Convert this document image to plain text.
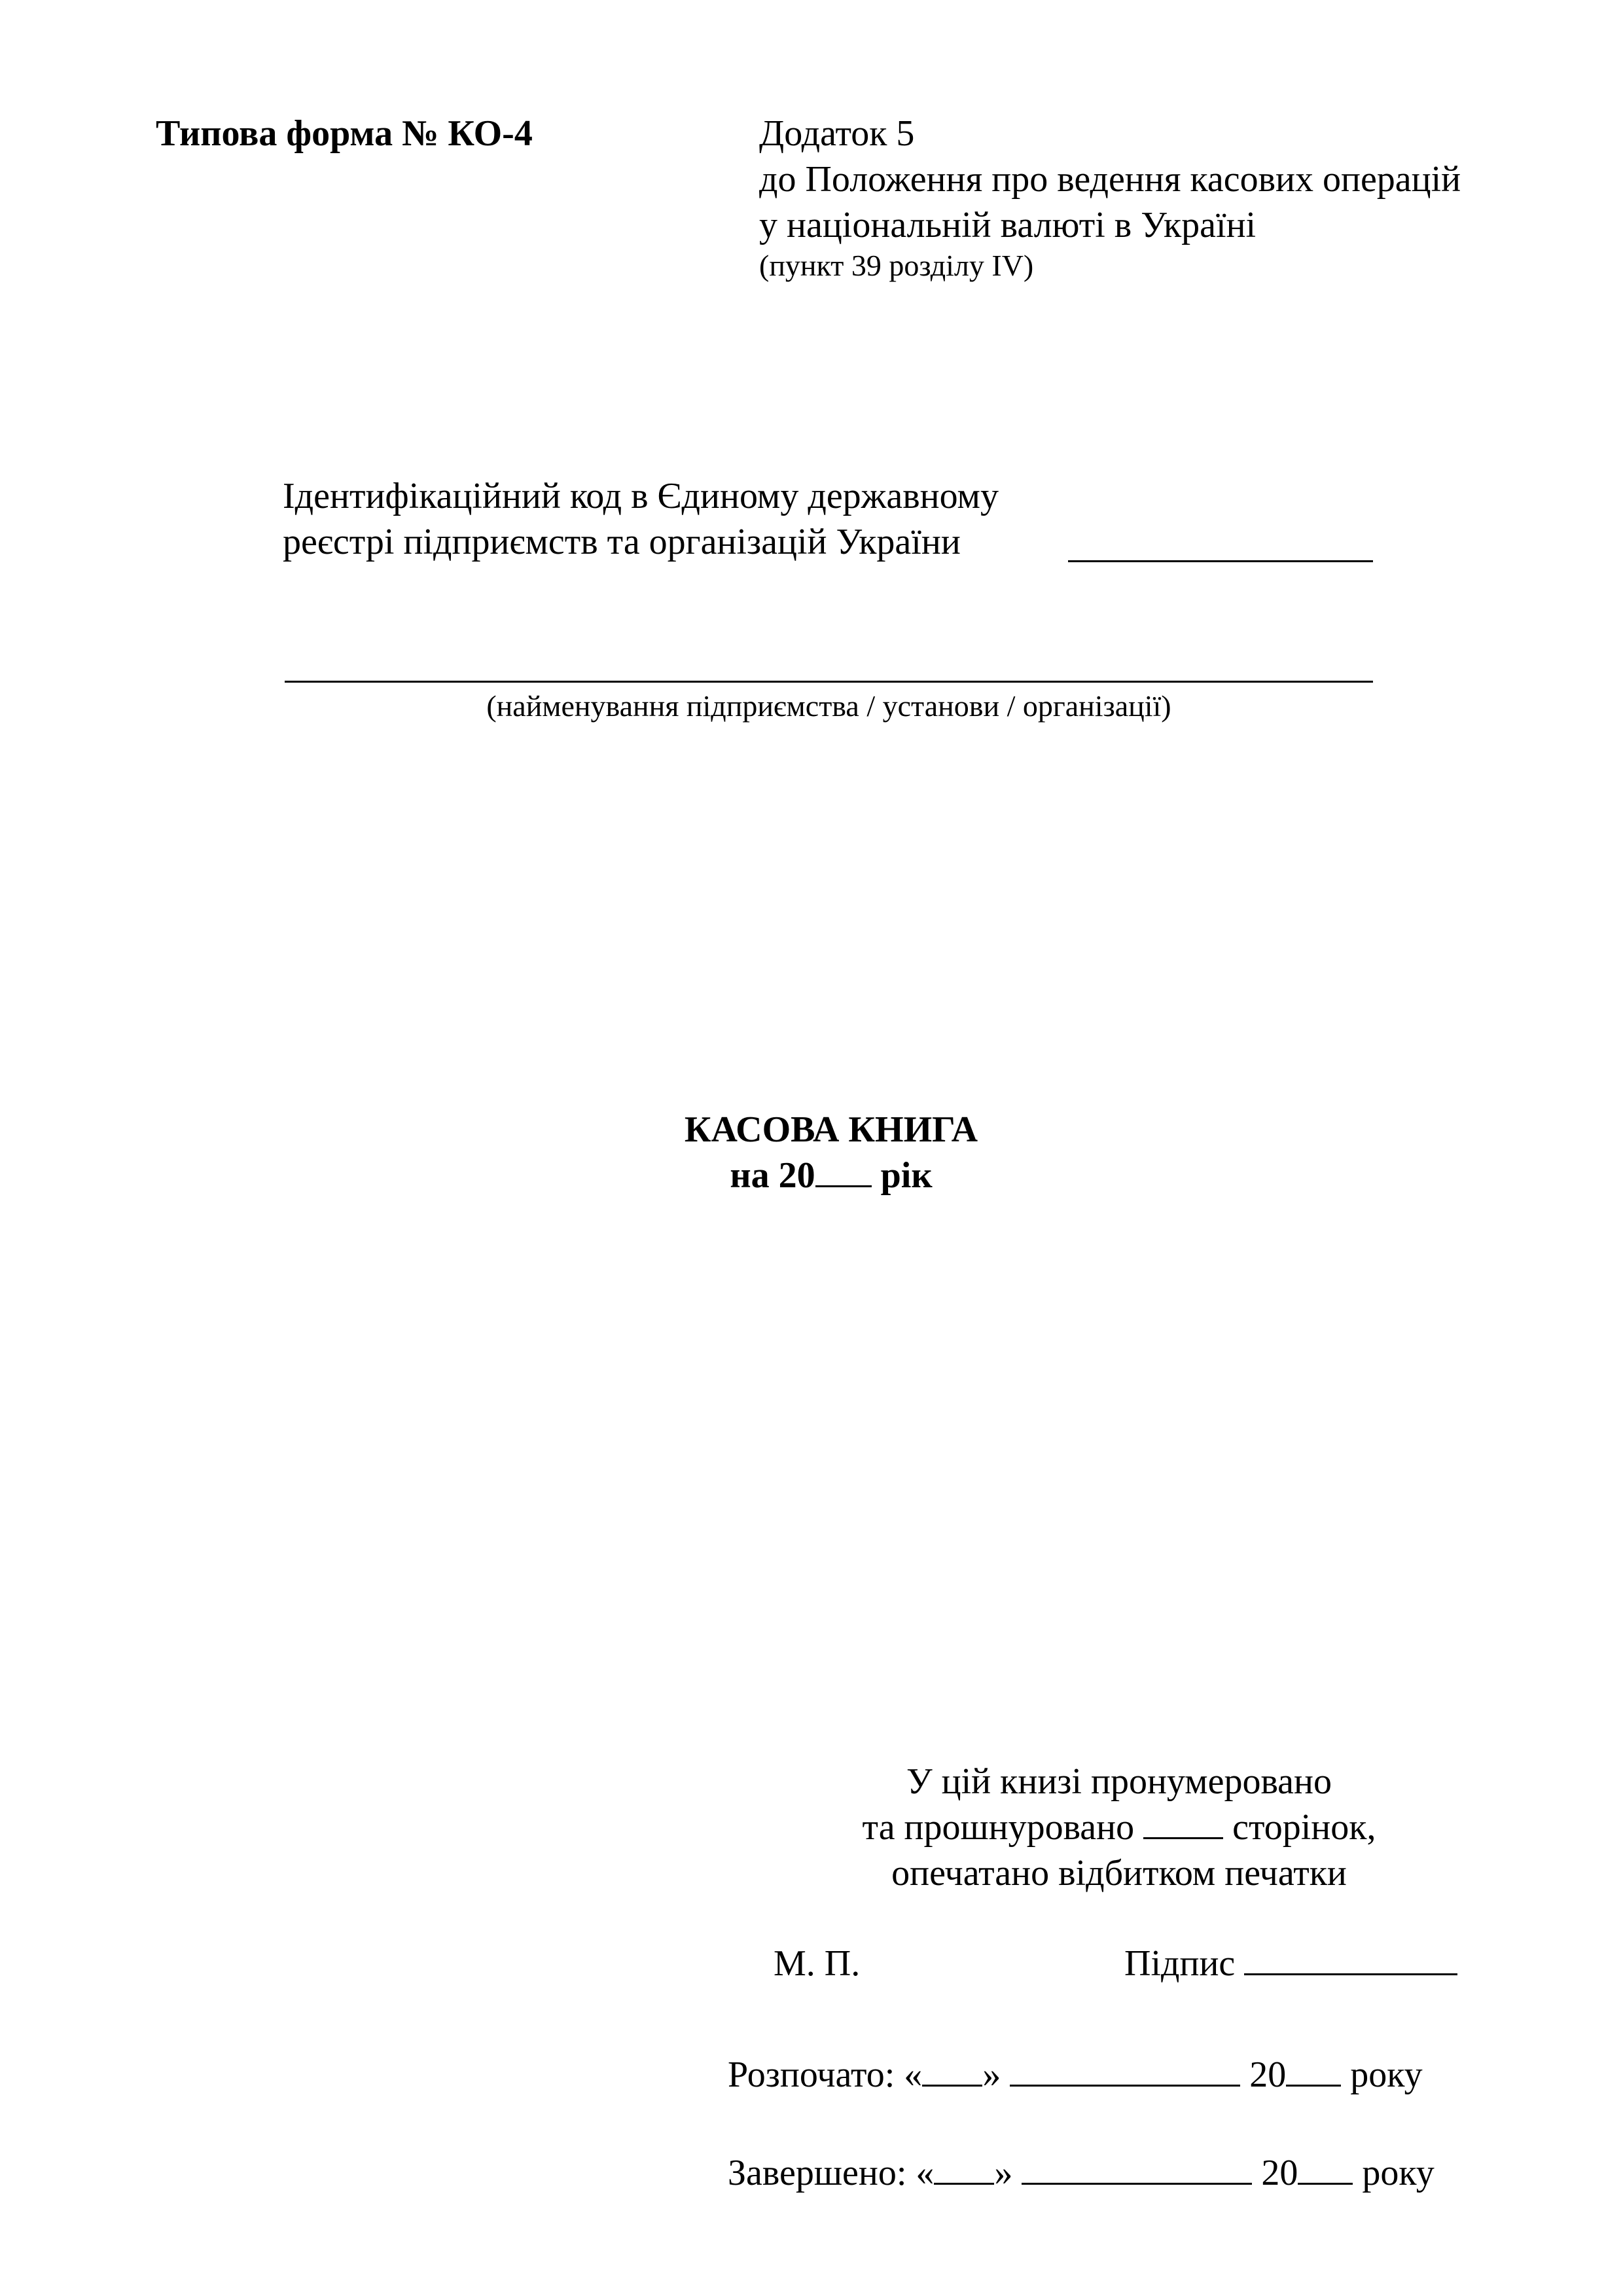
Типова форма № КО-4	Додаток 5
до Положення про ведення касових операцій
у національній валюті в Україні
(пункт 39 розділу IV)
Ідентифікаційний код в Єдиному державному
реєстрі підприємств та організацій України
(найменування підприємства / установи / організації)
КАСОВА КНИГА
на 20 рік
У цій книзі пронумеровано
та прошнуровано	сторінок,
опечатано відбитком печатки
М. П.	Підпис
Розпочато: « »	20 року
Завершено: « »	20 року
